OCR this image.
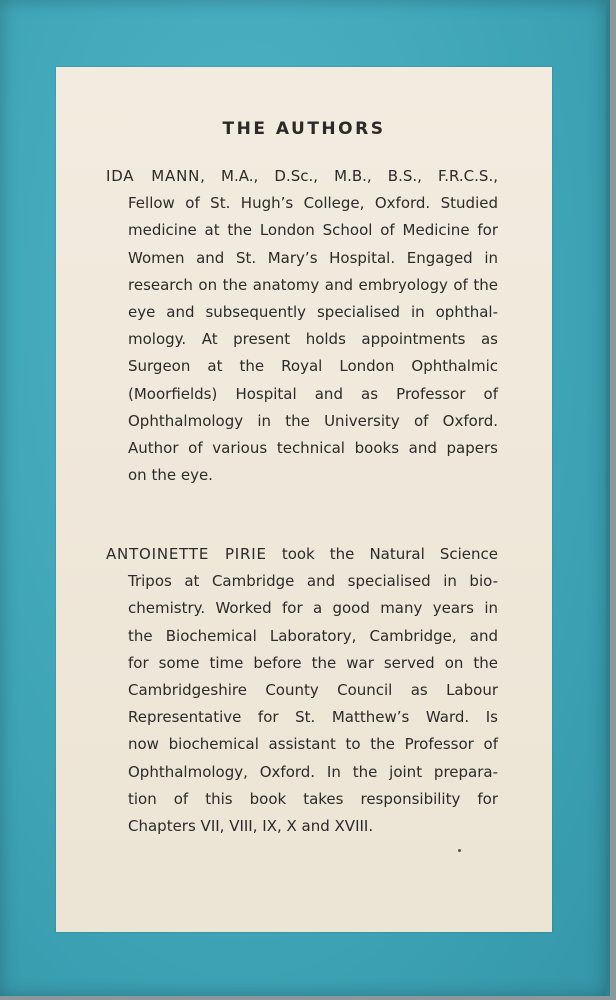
THE AUTHORS
IDA MANN, M.A., D.Sc., M.B., B.S., F.R.C.S.,
Fellow of St. Hugh’s College, Oxford. Studied
medicine at the London School of Medicine for
Women and St. Mary’s Hospital. Engaged in
research on the anatomy and embryology of the
eye and subsequently specialised in ophthal-
mology. At present holds appointments as
Surgeon at the Royal London Ophthalmic
(Moorfields) Hospital and as Professor of
Ophthalmology in the University of Oxford.
Author of various technical books and papers
on the eye.
ANTOINETTE PIRIE took the Natural Science
Tripos at Cambridge and specialised in bio-
chemistry. Worked for a good many years in
the Biochemical Laboratory, Cambridge, and
for some time before the war served on the
Cambridgeshire County Council as Labour
Representative for St. Matthew’s Ward. Is
now biochemical assistant to the Professor of
Ophthalmology, Oxford. In the joint prepara-
tion of this book takes responsibility for
Chapters VII, VIII, IX, X and XVIII.
